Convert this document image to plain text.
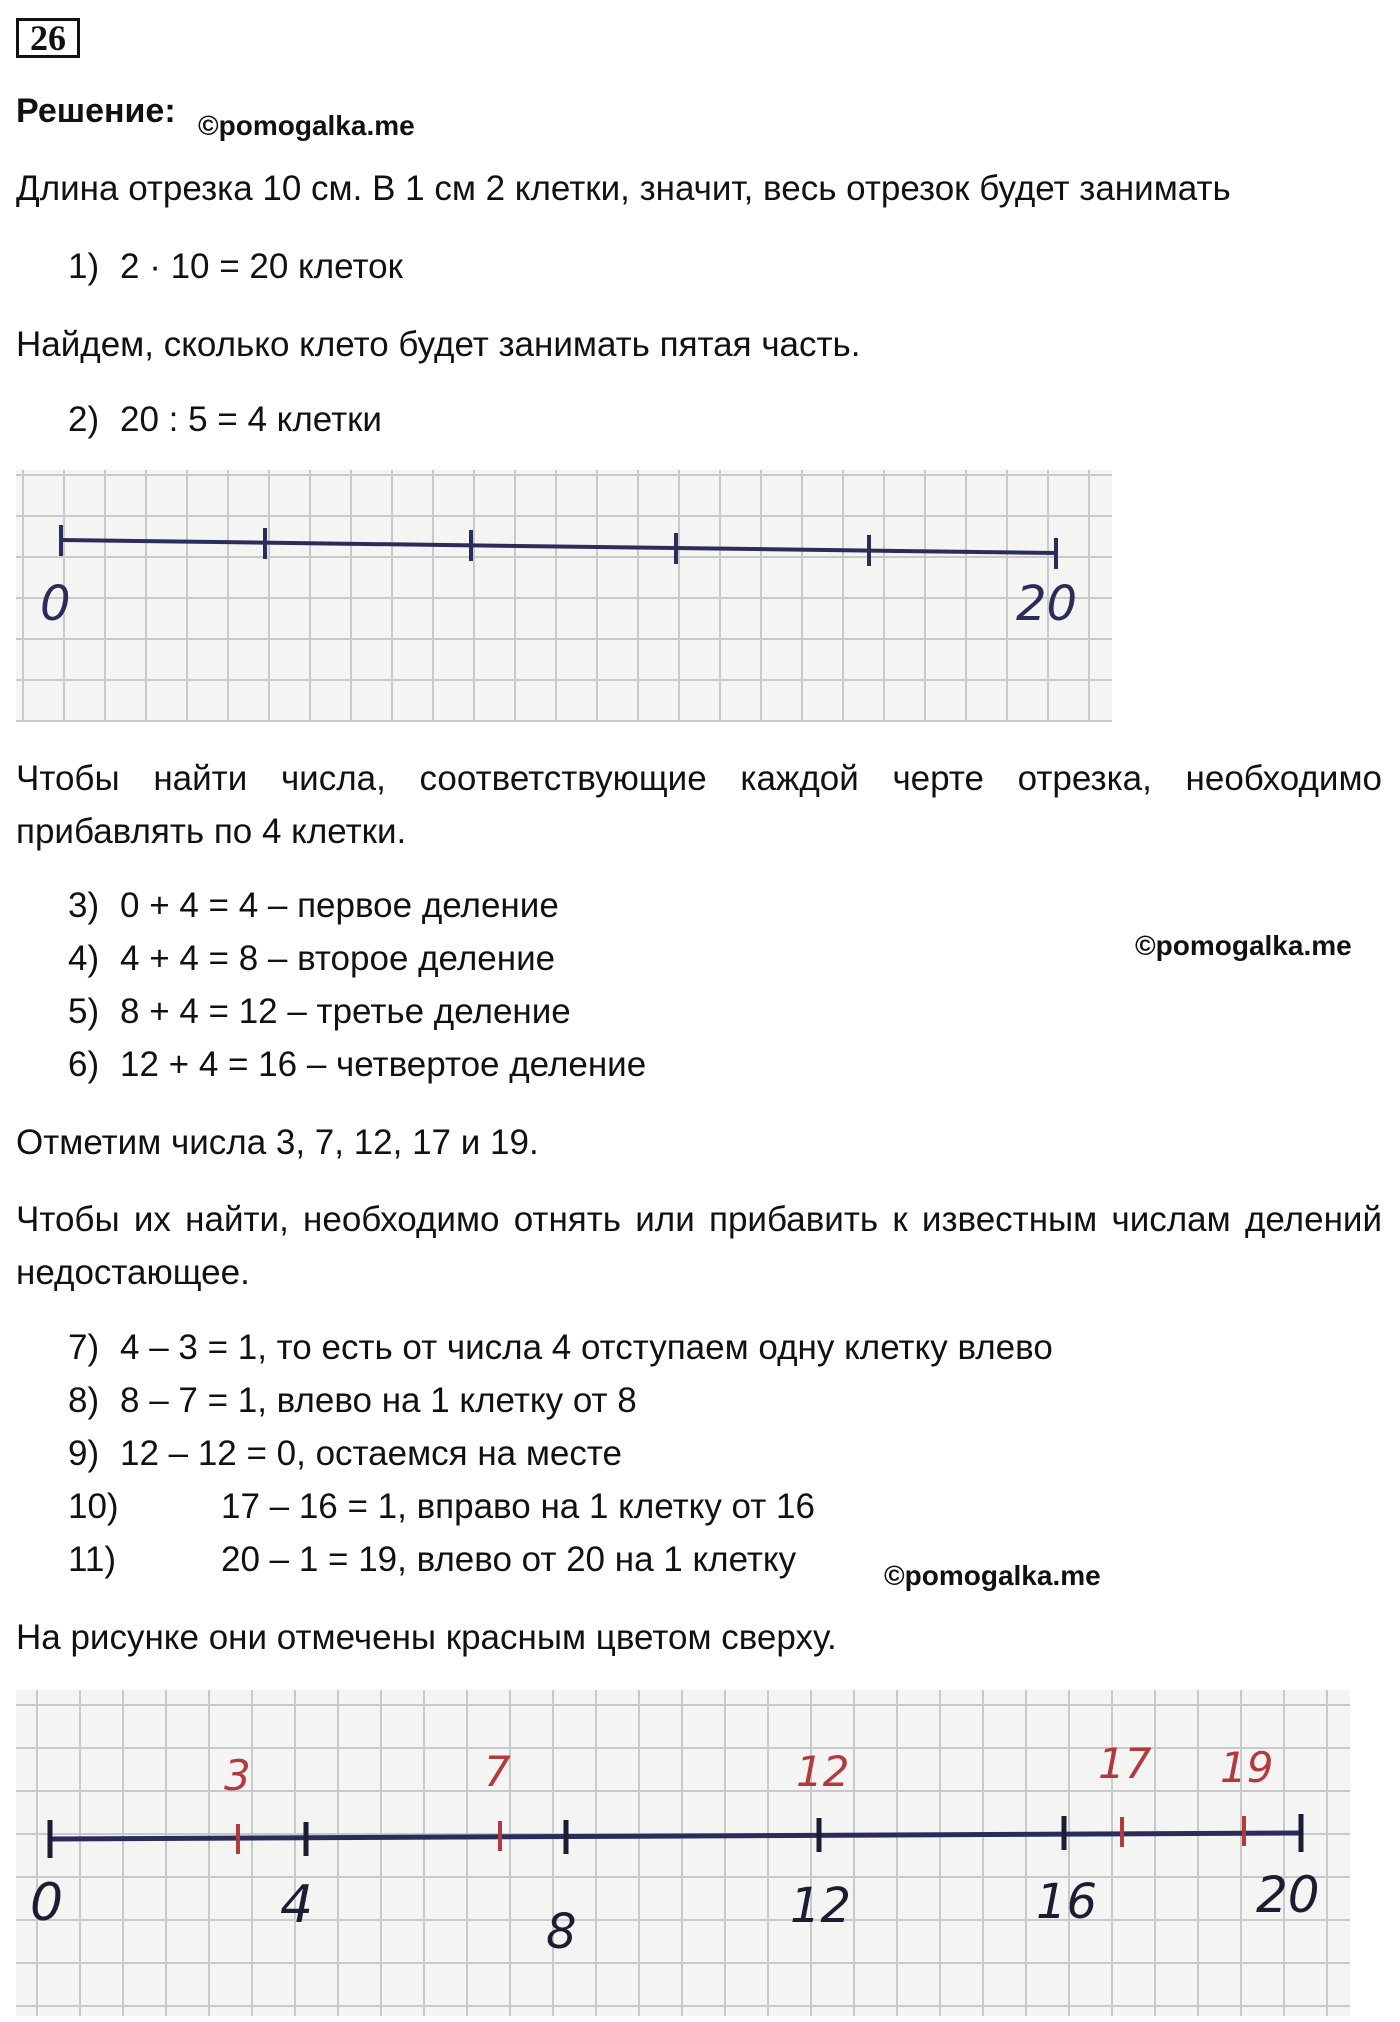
26
Решение: ©pomogalka.me
Длина отрезка 10 см. В 1 см 2 клетки, значит, весь отрезок будет занимать
1) 2 · 10 = 20 клеток
Найдем, сколько клето будет занимать пятая часть.
2) 20 : 5 = 4 клетки
0	20
Чтобы найти числа, соответствующие каждой черте отрезка, необходимо прибавлять по 4 клетки.
3) 0 + 4 = 4 – первое деление
4) 4 + 4 = 8 – второе деление
5) 8 + 4 = 12 – третье деление
6) 12 + 4 = 16 – четвертое деление
©pomogalka.me
Отметим числа 3, 7, 12, 17 и 19.
Чтобы их найти, необходимо отнять или прибавить к известным числам делений недостающее.
7) 4 – 3 = 1, то есть от числа 4 отступаем одну клетку влево
8) 8 – 7 = 1, влево на 1 клетку от 8
9) 12 – 12 = 0, остаемся на месте
10)	17 – 16 = 1, вправо на 1 клетку от 16
11)	20 – 1 = 19, влево от 20 на 1 клетку	©pomogalka.me
На рисунке они отмечены красным цветом сверху.
3	7	12	17 19
0	4	8	12	16	20
